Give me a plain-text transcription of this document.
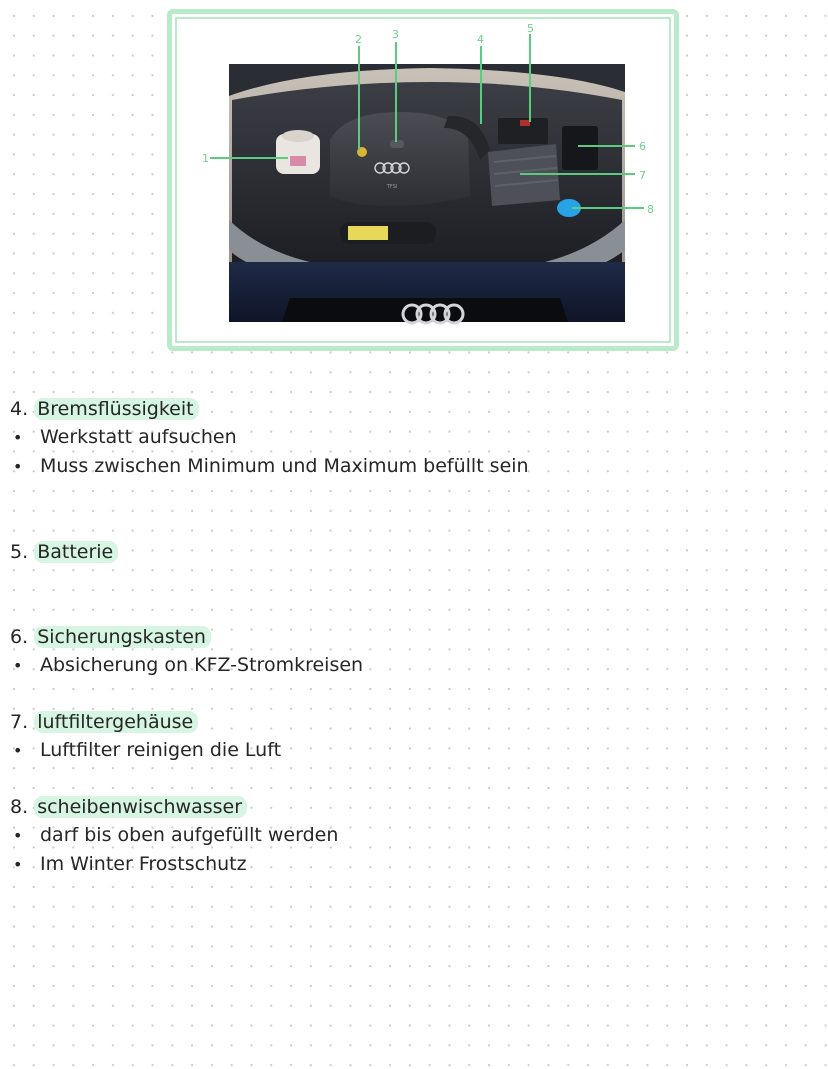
TFSI
1
2	3	4
5
6
7
8
4. Bremsflüssigkeit
• Werkstatt aufsuchen
• Muss zwischen Minimum und Maximum befüllt sein
5. Batterie
6. Sicherungskasten
• Absicherung on KFZ-Stromkreisen
7. luftfiltergehäuse
• Luftfilter reinigen die Luft
8. scheibenwischwasser
• darf bis oben aufgefüllt werden
• Im Winter Frostschutz
